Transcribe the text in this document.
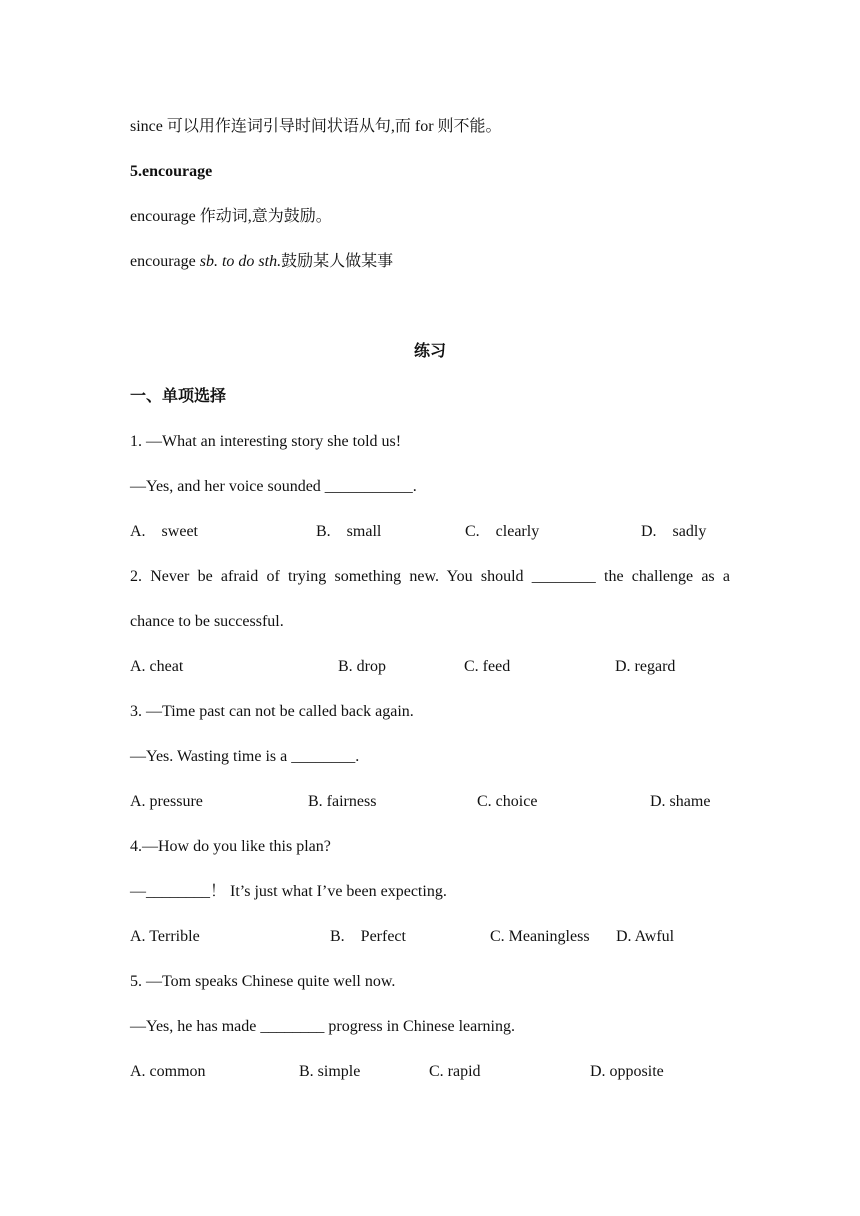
since 可以用作连词引导时间状语从句,而 for 则不能。
5.encourage
encourage 作动词,意为鼓励。
encourage sb. to do sth.鼓励某人做某事
练习
一、单项选择
1. —What an interesting story she told us!
—Yes, and her voice sounded ___________.
A.    sweet	B.    small	C.    clearly	D.    sadly
2. Never be afraid of trying something new. You should ________ the challenge as a
chance to be successful.
A. cheat	B. drop	C. feed	D. regard
3. —Time past can not be called back again.
—Yes. Wasting time is a ________.
A. pressure	B. fairness	C. choice	D. shame
4.—How do you like this plan?
—________！ It’s just what I’ve been expecting.
A. Terrible	B.    Perfect	C. Meaningless D. Awful
5. —Tom speaks Chinese quite well now.
—Yes, he has made ________ progress in Chinese learning.
A. common	B. simple	C. rapid	D. opposite
